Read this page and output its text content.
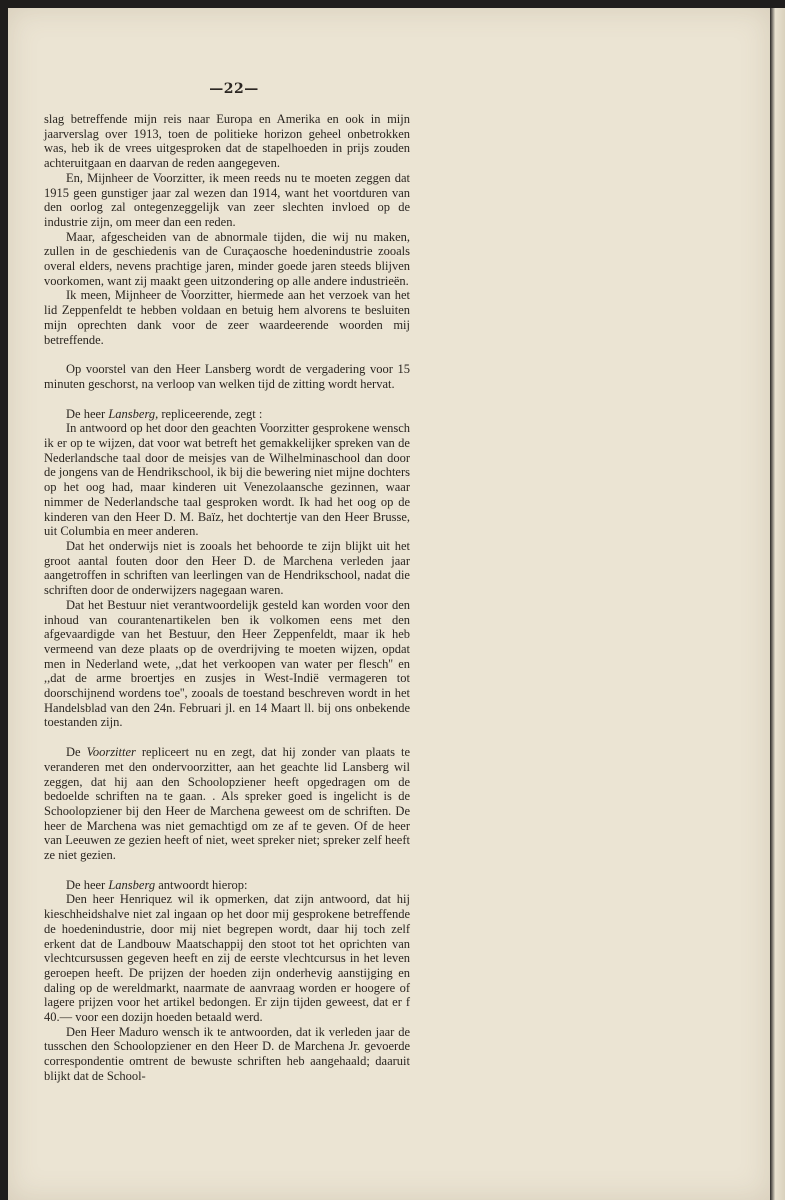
—22—

slag betreffende mijn reis naar Europa en Amerika en ook in mijn jaarverslag over 1913, toen de politieke horizon geheel onbetrokken was, heb ik de vrees uitgesproken dat de stapelhoeden in prijs zouden achteruitgaan en daarvan de reden aangegeven.

En, Mijnheer de Voorzitter, ik meen reeds nu te moeten zeggen dat 1915 geen gunstiger jaar zal wezen dan 1914, want het voortduren van den oorlog zal ontegenzeggelijk van zeer slechten invloed op de industrie zijn, om meer dan een reden.

Maar, afgescheiden van de abnormale tijden, die wij nu maken, zullen in de geschiedenis van de Curaçaosche hoedenindustrie zooals overal elders, nevens prachtige jaren, minder goede jaren steeds blijven voorkomen, want zij maakt geen uitzondering op alle andere industrieën.

Ik meen, Mijnheer de Voorzitter, hiermede aan het verzoek van het lid Zeppenfeldt te hebben voldaan en betuig hem alvorens te besluiten mijn oprechten dank voor de zeer waardeerende woorden mij betreffende.

Op voorstel van den Heer Lansberg wordt de vergadering voor 15 minuten geschorst, na verloop van welken tijd de zitting wordt hervat.

De heer Lansberg, repliceerende, zegt :

In antwoord op het door den geachten Voorzitter gesprokene wensch ik er op te wijzen, dat voor wat betreft het gemakkelijker spreken van de Nederlandsche taal door de meisjes van de Wilhelminaschool dan door de jongens van de Hendrikschool, ik bij die bewering niet mijne dochters op het oog had, maar kinderen uit Venezolaansche gezinnen, waar nimmer de Nederlandsche taal gesproken wordt. Ik had het oog op de kinderen van den Heer D. M. Baïz, het dochtertje van den Heer Brusse, uit Columbia en meer anderen.

Dat het onderwijs niet is zooals het behoorde te zijn blijkt uit het groot aantal fouten door den Heer D. de Marchena verleden jaar aangetroffen in schriften van leerlingen van de Hendrikschool, nadat die schriften door de onderwijzers nagegaan waren.

Dat het Bestuur niet verantwoordelijk gesteld kan worden voor den inhoud van courantenartikelen ben ik volkomen eens met den afgevaardigde van het Bestuur, den Heer Zeppenfeldt, maar ik heb vermeend van deze plaats op de overdrijving te moeten wijzen, opdat men in Nederland wete, ,,dat het verkoopen van water per flesch'' en ,,dat de arme broertjes en zusjes in West-Indië vermageren tot doorschijnend wordens toe'', zooals de toestand beschreven wordt in het Handelsblad van den 24n. Februari jl. en 14 Maart ll. bij ons onbekende toestanden zijn.

De Voorzitter repliceert nu en zegt, dat hij zonder van plaats te veranderen met den ondervoorzitter, aan het geachte lid Lansberg wil zeggen, dat hij aan den Schoolopziener heeft opgedragen om de bedoelde schriften na te gaan. . Als spreker goed is ingelicht is de Schoolopziener bij den Heer de Marchena geweest om de schriften. De heer de Marchena was niet gemachtigd om ze af te geven. Of de heer van Leeuwen ze gezien heeft of niet, weet spreker niet; spreker zelf heeft ze niet gezien.

De heer Lansberg antwoordt hierop:

Den heer Henriquez wil ik opmerken, dat zijn antwoord, dat hij kieschheidshalve niet zal ingaan op het door mij gesprokene betreffende de hoedenindustrie, door mij niet begrepen wordt, daar hij toch zelf erkent dat de Landbouw Maatschappij den stoot tot het oprichten van vlechtcursussen gegeven heeft en zij de eerste vlechtcursus in het leven geroepen heeft. De prijzen der hoeden zijn onderhevig aanstijging en daling op de wereldmarkt, naarmate de aanvraag worden er hoogere of lagere prijzen voor het artikel bedongen. Er zijn tijden geweest, dat er f 40.— voor een dozijn hoeden betaald werd.

Den Heer Maduro wensch ik te antwoorden, dat ik verleden jaar de tusschen den Schoolopziener en den Heer D. de Marchena Jr. gevoerde correspondentie omtrent de bewuste schriften heb aangehaald; daaruit blijkt dat de School-
